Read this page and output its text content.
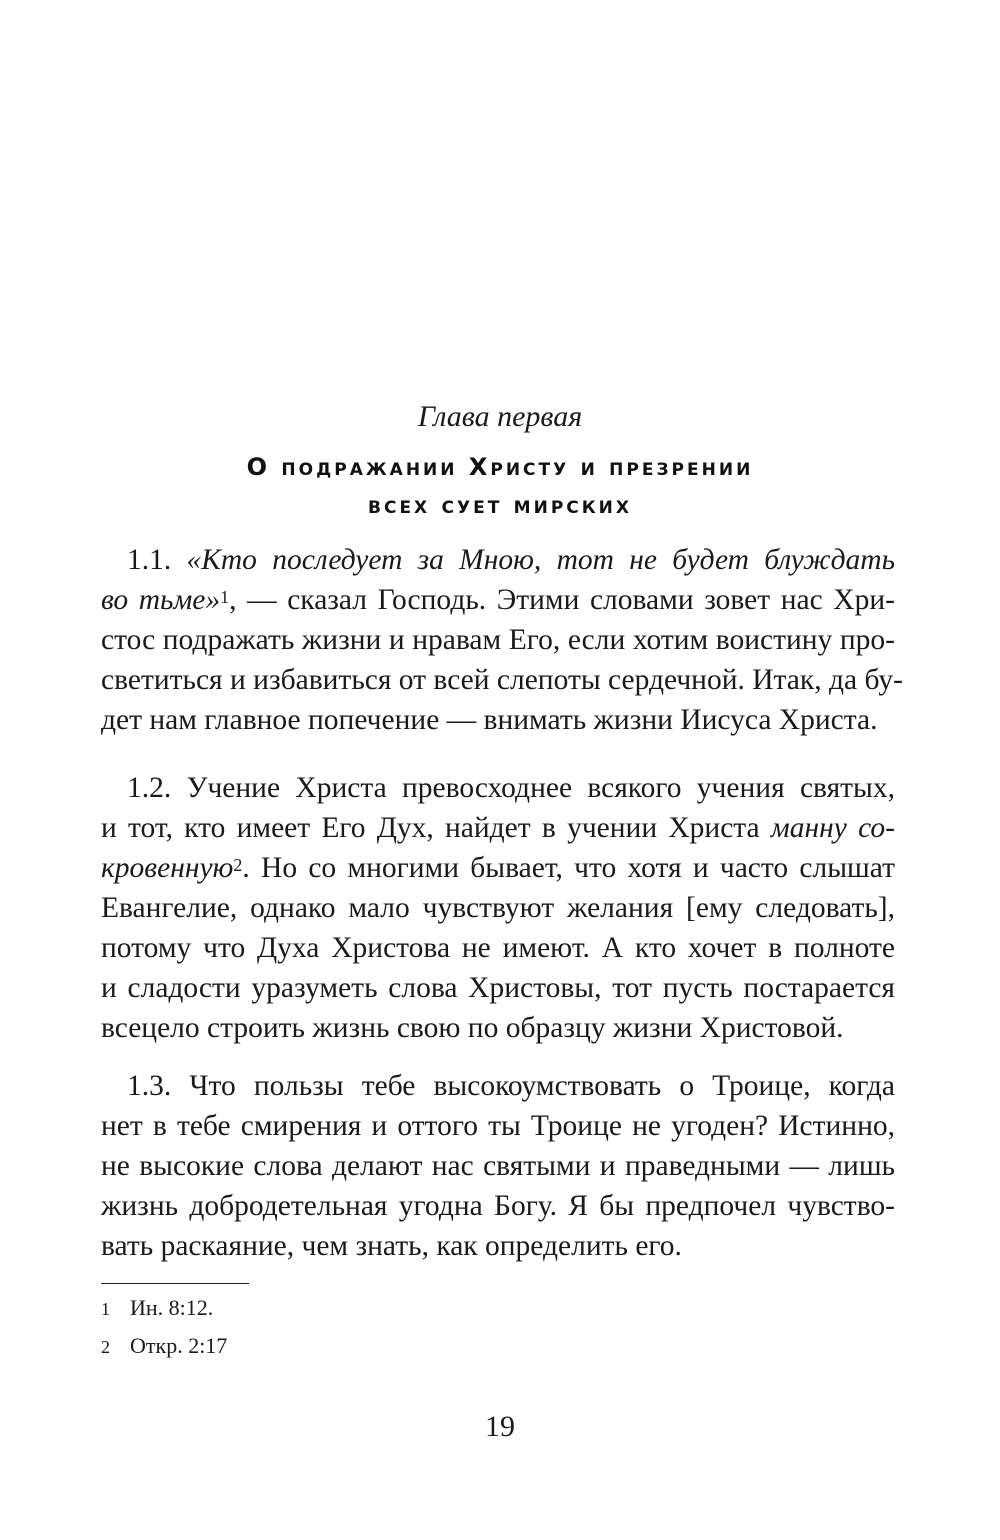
Глава первая
О подражании Христу и презрении
всех сует мирских
1.1. «Кто последует за Мною, тот не будет блуждать
во тьме»$^1$, — сказал Господь. Этими словами зовет нас Хри-
стос подражать жизни и нравам Его, если хотим воистину про-
светиться и избавиться от всей слепоты сердечной. Итак, да бу-
дет нам главное попечение — внимать жизни Иисуса Христа.
1.2. Учение Христа превосходнее всякого учения святых,
и тот, кто имеет Его Дух, найдет в учении Христа манну со-
кровенную$^2$. Но со многими бывает, что хотя и часто слышат
Евангелие, однако мало чувствуют желания [ему следовать],
потому что Духа Христова не имеют. А кто хочет в полноте
и сладости уразуметь слова Христовы, тот пусть постарается
всецело строить жизнь свою по образцу жизни Христовой.
1.3. Что пользы тебе высокоумствовать о Троице, когда
нет в тебе смирения и оттого ты Троице не угоден? Истинно,
не высокие слова делают нас святыми и праведными — лишь
жизнь добродетельная угодна Богу. Я бы предпочел чувство-
вать раскаяние, чем знать, как определить его.
1 Ин. 8:12.
2 Откр. 2:17
19
